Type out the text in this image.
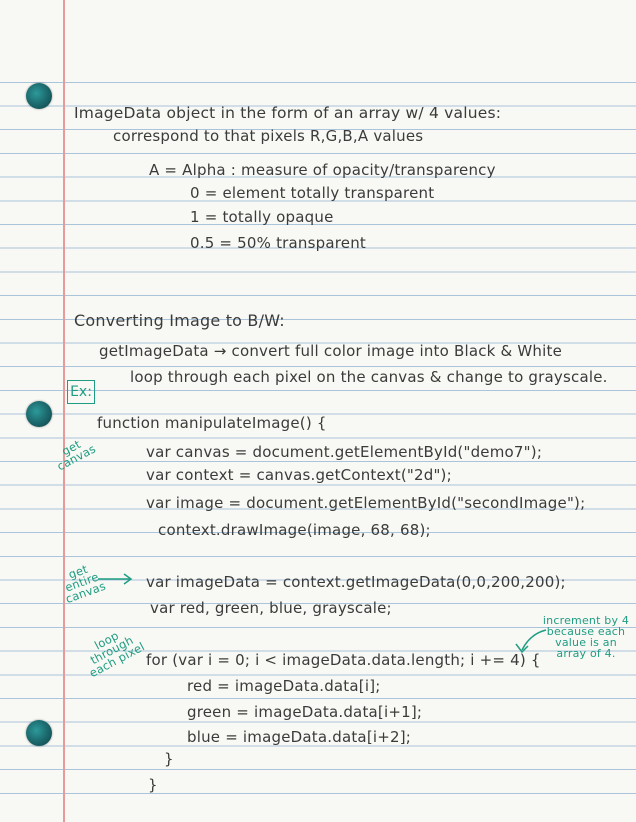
ImageData object in the form of an array w/ 4 values:
correspond to that pixels R,G,B,A values
A = Alpha : measure of opacity/transparency
0 = element totally transparent
1 = totally opaque
0.5 = 50% transparent
Converting Image to B/W:
getImageData → convert full color image into Black & White
loop through each pixel on the canvas & change to grayscale.
Ex:
function manipulateImage() {
var canvas = document.getElementById("demo7");
var context = canvas.getContext("2d");
var image = document.getElementById("secondImage");
context.drawImage(image, 68, 68);
var imageData = context.getImageData(0,0,200,200);
var red, green, blue, grayscale;
for (var i = 0; i < imageData.data.length; i += 4) {
red = imageData.data[i];
green = imageData.data[i+1];
blue = imageData.data[i+2];
}
}
get canvas
get entire canvas
loop through each pixel
increment by 4 because each value is an array of 4.
